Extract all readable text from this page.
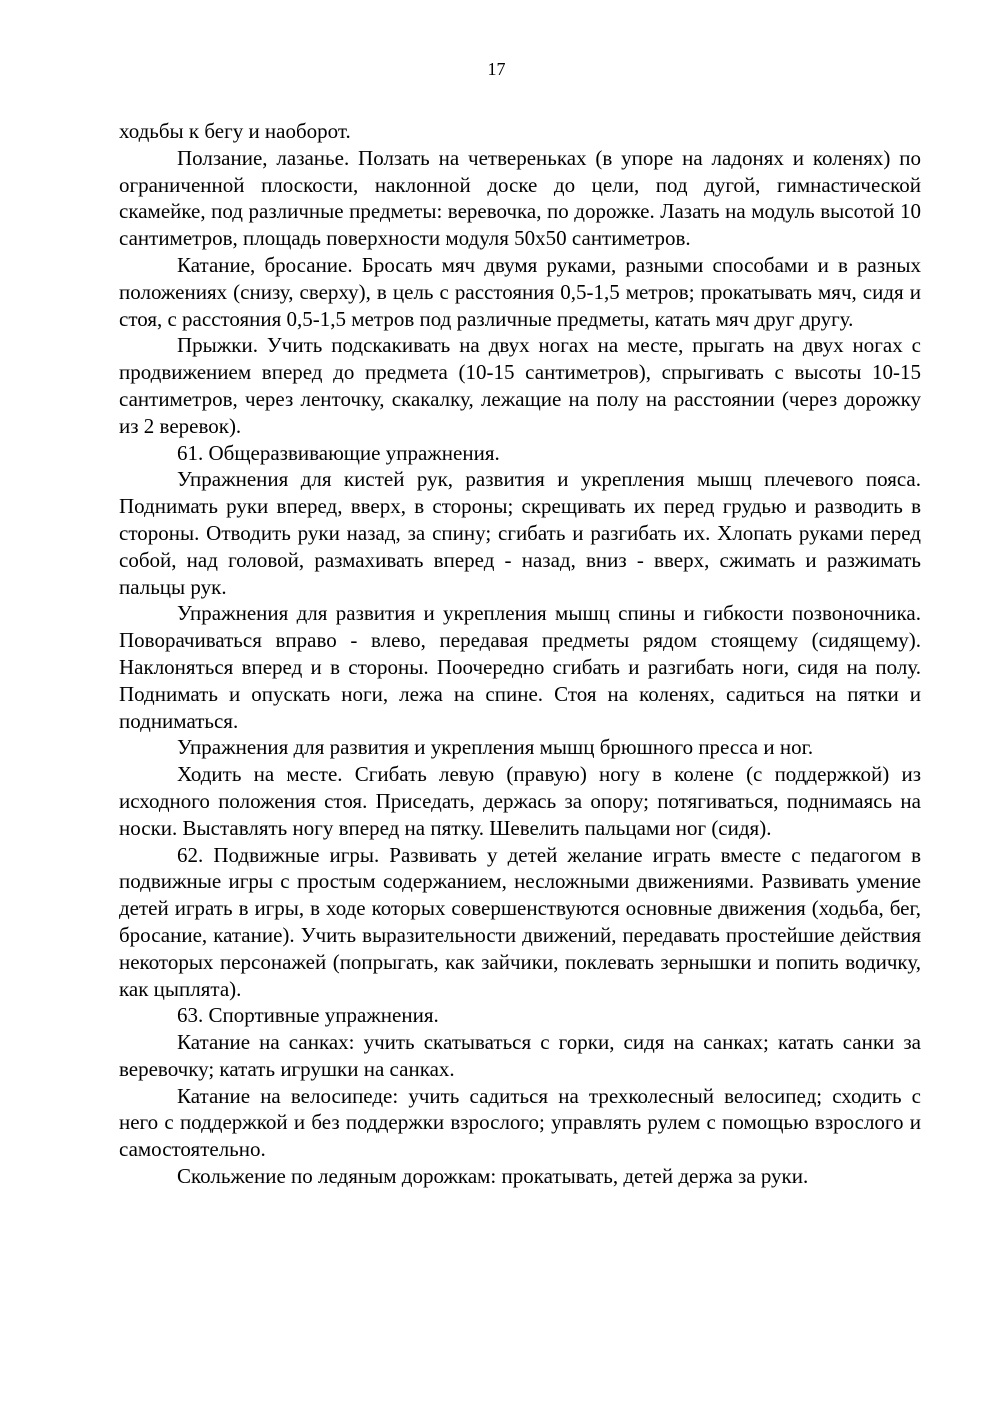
17

ходьбы к бегу и наоборот.

Ползание, лазанье. Ползать на четвереньках (в упоре на ладонях и коленях) по ограниченной плоскости, наклонной доске до цели, под дугой, гимнастической скамейке, под различные предметы: веревочка, по дорожке. Лазать на модуль высотой 10 сантиметров, площадь поверхности модуля 50x50 сантиметров.

Катание, бросание. Бросать мяч двумя руками, разными способами и в разных положениях (снизу, сверху), в цель с расстояния 0,5-1,5 метров; прокатывать мяч, сидя и стоя, с расстояния 0,5-1,5 метров под различные предметы, катать мяч друг другу.

Прыжки. Учить подскакивать на двух ногах на месте, прыгать на двух ногах с продвижением вперед до предмета (10-15 сантиметров), спрыгивать с высоты 10-15 сантиметров, через ленточку, скакалку, лежащие на полу на расстоянии (через дорожку из 2 веревок).

61. Общеразвивающие упражнения.

Упражнения для кистей рук, развития и укрепления мышц плечевого пояса. Поднимать руки вперед, вверх, в стороны; скрещивать их перед грудью и разводить в стороны. Отводить руки назад, за спину; сгибать и разгибать их. Хлопать руками перед собой, над головой, размахивать вперед - назад, вниз - вверх, сжимать и разжимать пальцы рук.

Упражнения для развития и укрепления мышц спины и гибкости позвоночника. Поворачиваться вправо - влево, передавая предметы рядом стоящему (сидящему). Наклоняться вперед и в стороны. Поочередно сгибать и разгибать ноги, сидя на полу. Поднимать и опускать ноги, лежа на спине. Стоя на коленях, садиться на пятки и подниматься.

Упражнения для развития и укрепления мышц брюшного пресса и ног.

Ходить на месте. Сгибать левую (правую) ногу в колене (с поддержкой) из исходного положения стоя. Приседать, держась за опору; потягиваться, поднимаясь на носки. Выставлять ногу вперед на пятку. Шевелить пальцами ног (сидя).

62. Подвижные игры. Развивать у детей желание играть вместе с педагогом в подвижные игры с простым содержанием, несложными движениями. Развивать умение детей играть в игры, в ходе которых совершенствуются основные движения (ходьба, бег, бросание, катание). Учить выразительности движений, передавать простейшие действия некоторых персонажей (попрыгать, как зайчики, поклевать зернышки и попить водичку, как цыплята).

63. Спортивные упражнения.

Катание на санках: учить скатываться с горки, сидя на санках; катать санки за веревочку; катать игрушки на санках.

Катание на велосипеде: учить садиться на трехколесный велосипед; сходить с него с поддержкой и без поддержки взрослого; управлять рулем с помощью взрослого и самостоятельно.

Скольжение по ледяным дорожкам: прокатывать, детей держа за руки.
